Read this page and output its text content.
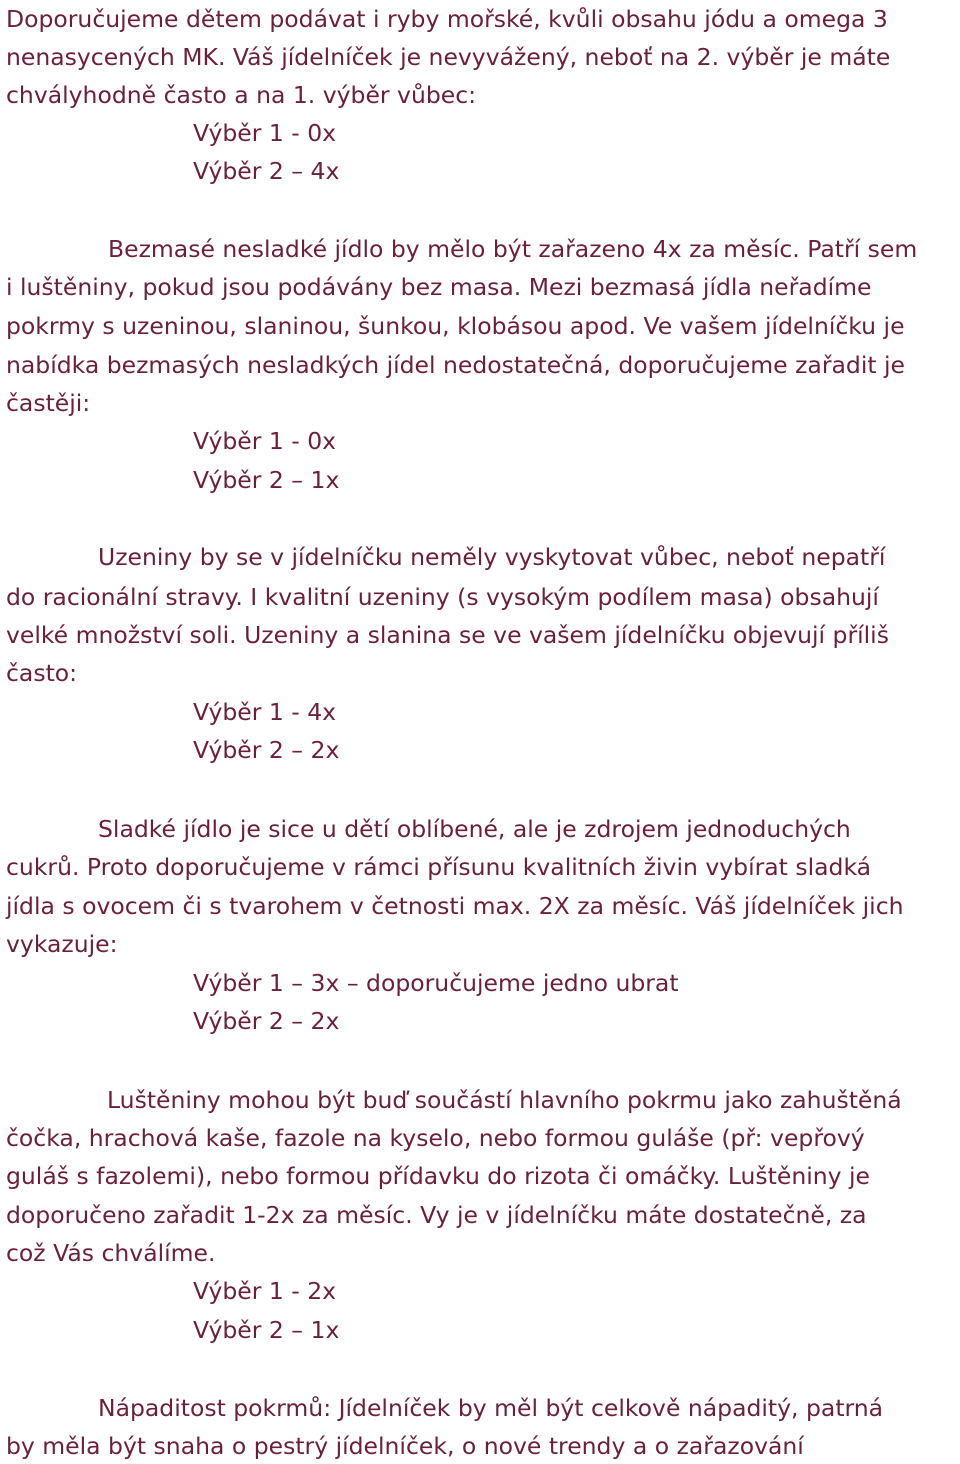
Doporučujeme dětem podávat i ryby mořské, kvůli obsahu jódu a omega 3
nenasycených MK. Váš jídelníček je nevyvážený, neboť na 2. výběr je máte
chvályhodně často a na 1. výběr vůbec:
Výběr 1 - 0x
Výběr 2 – 4x
Bezmasé nesladké jídlo by mělo být zařazeno 4x za měsíc. Patří sem
i luštěniny, pokud jsou podávány bez masa. Mezi bezmasá jídla neřadíme
pokrmy s uzeninou, slaninou, šunkou, klobásou apod. Ve vašem jídelníčku je
nabídka bezmasých nesladkých jídel nedostatečná, doporučujeme zařadit je
častěji:
Výběr 1 - 0x
Výběr 2 – 1x
Uzeniny by se v jídelníčku neměly vyskytovat vůbec, neboť nepatří
do racionální stravy. I kvalitní uzeniny (s vysokým podílem masa) obsahují
velké množství soli. Uzeniny a slanina se ve vašem jídelníčku objevují příliš
často:
Výběr 1 - 4x
Výběr 2 – 2x
Sladké jídlo je sice u dětí oblíbené, ale je zdrojem jednoduchých
cukrů. Proto doporučujeme v rámci přísunu kvalitních živin vybírat sladká
jídla s ovocem či s tvarohem v četnosti max. 2X za měsíc. Váš jídelníček jich
vykazuje:
Výběr 1 – 3x – doporučujeme jedno ubrat
Výběr 2 – 2x
Luštěniny mohou být buď součástí hlavního pokrmu jako zahuštěná
čočka, hrachová kaše, fazole na kyselo, nebo formou guláše (př: vepřový
guláš s fazolemi), nebo formou přídavku do rizota či omáčky. Luštěniny je
doporučeno zařadit 1-2x za měsíc. Vy je v jídelníčku máte dostatečně, za
což Vás chválíme.
Výběr 1 - 2x
Výběr 2 – 1x
Nápaditost pokrmů: Jídelníček by měl být celkově nápaditý, patrná
by měla být snaha o pestrý jídelníček, o nové trendy a o zařazování
